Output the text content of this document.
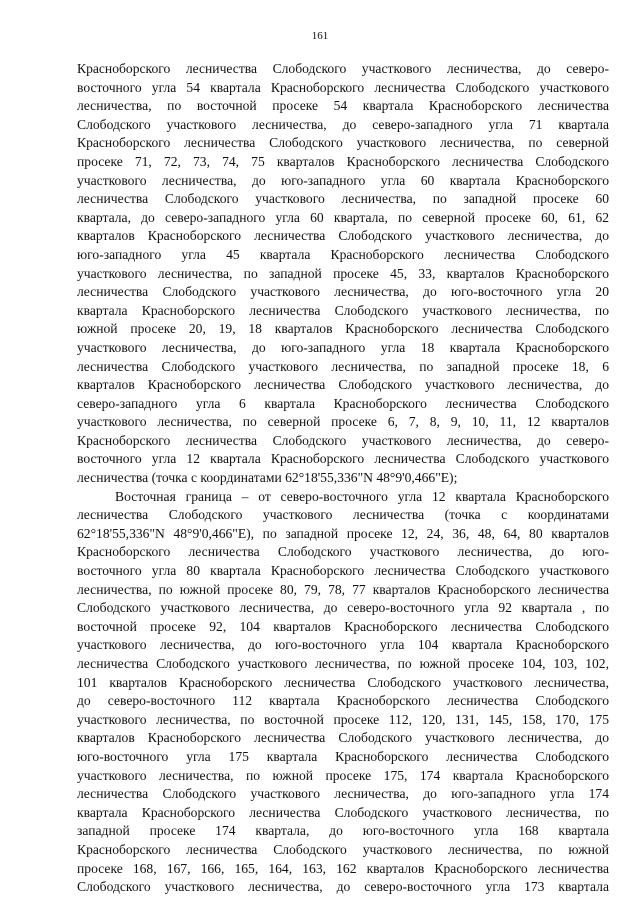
161
Красноборского лесничества Слободского участкового лесничества, до северо-
восточного угла 54 квартала Красноборского лесничества Слободского участкового
лесничества, по восточной просеке 54 квартала Красноборского лесничества
Слободского участкового лесничества, до северо-западного угла 71 квартала
Красноборского лесничества Слободского участкового лесничества, по северной
просеке 71, 72, 73, 74, 75 кварталов Красноборского лесничества Слободского
участкового лесничества, до юго-западного угла 60 квартала Красноборского
лесничества Слободского участкового лесничества, по западной просеке 60
квартала, до северо-западного угла 60 квартала, по северной просеке 60, 61, 62
кварталов Красноборского лесничества Слободского участкового лесничества, до
юго-западного угла 45 квартала Красноборского лесничества Слободского
участкового лесничества, по западной просеке 45, 33, кварталов Красноборского
лесничества Слободского участкового лесничества, до юго-восточного угла 20
квартала Красноборского лесничества Слободского участкового лесничества, по
южной просеке 20, 19, 18 кварталов Красноборского лесничества Слободского
участкового лесничества, до юго-западного угла 18 квартала Красноборского
лесничества Слободского участкового лесничества, по западной просеке 18, 6
кварталов Красноборского лесничества Слободского участкового лесничества, до
северо-западного угла 6 квартала Красноборского лесничества Слободского
участкового лесничества, по северной просеке 6, 7, 8, 9, 10, 11, 12 кварталов
Красноборского лесничества Слободского участкового лесничества, до северо-
восточного угла 12 квартала Красноборского лесничества Слободского участкового
лесничества (точка с координатами 62°18'55,336"N 48°9'0,466"E);
Восточная граница – от северо-восточного угла 12 квартала Красноборского
лесничества Слободского участкового лесничества (точка с координатами
62°18'55,336"N 48°9'0,466"E), по западной просеке 12, 24, 36, 48, 64, 80 кварталов
Красноборского лесничества Слободского участкового лесничества, до юго-
восточного угла 80 квартала Красноборского лесничества Слободского участкового
лесничества, по южной просеке 80, 79, 78, 77 кварталов Красноборского лесничества
Слободского участкового лесничества, до северо-восточного угла 92 квартала , по
восточной просеке 92, 104 кварталов Красноборского лесничества Слободского
участкового лесничества, до юго-восточного угла 104 квартала Красноборского
лесничества Слободского участкового лесничества, по южной просеке 104, 103, 102,
101 кварталов Красноборского лесничества Слободского участкового лесничества,
до северо-восточного 112 квартала Красноборского лесничества Слободского
участкового лесничества, по восточной просеке 112, 120, 131, 145, 158, 170, 175
кварталов Красноборского лесничества Слободского участкового лесничества, до
юго-восточного угла 175 квартала Красноборского лесничества Слободского
участкового лесничества, по южной просеке 175, 174 квартала Красноборского
лесничества Слободского участкового лесничества, до юго-западного угла 174
квартала Красноборского лесничества Слободского участкового лесничества, по
западной просеке 174 квартала, до юго-восточного угла 168 квартала
Красноборского лесничества Слободского участкового лесничества, по южной
просеке 168, 167, 166, 165, 164, 163, 162 кварталов Красноборского лесничества
Слободского участкового лесничества, до северо-восточного угла 173 квартала
